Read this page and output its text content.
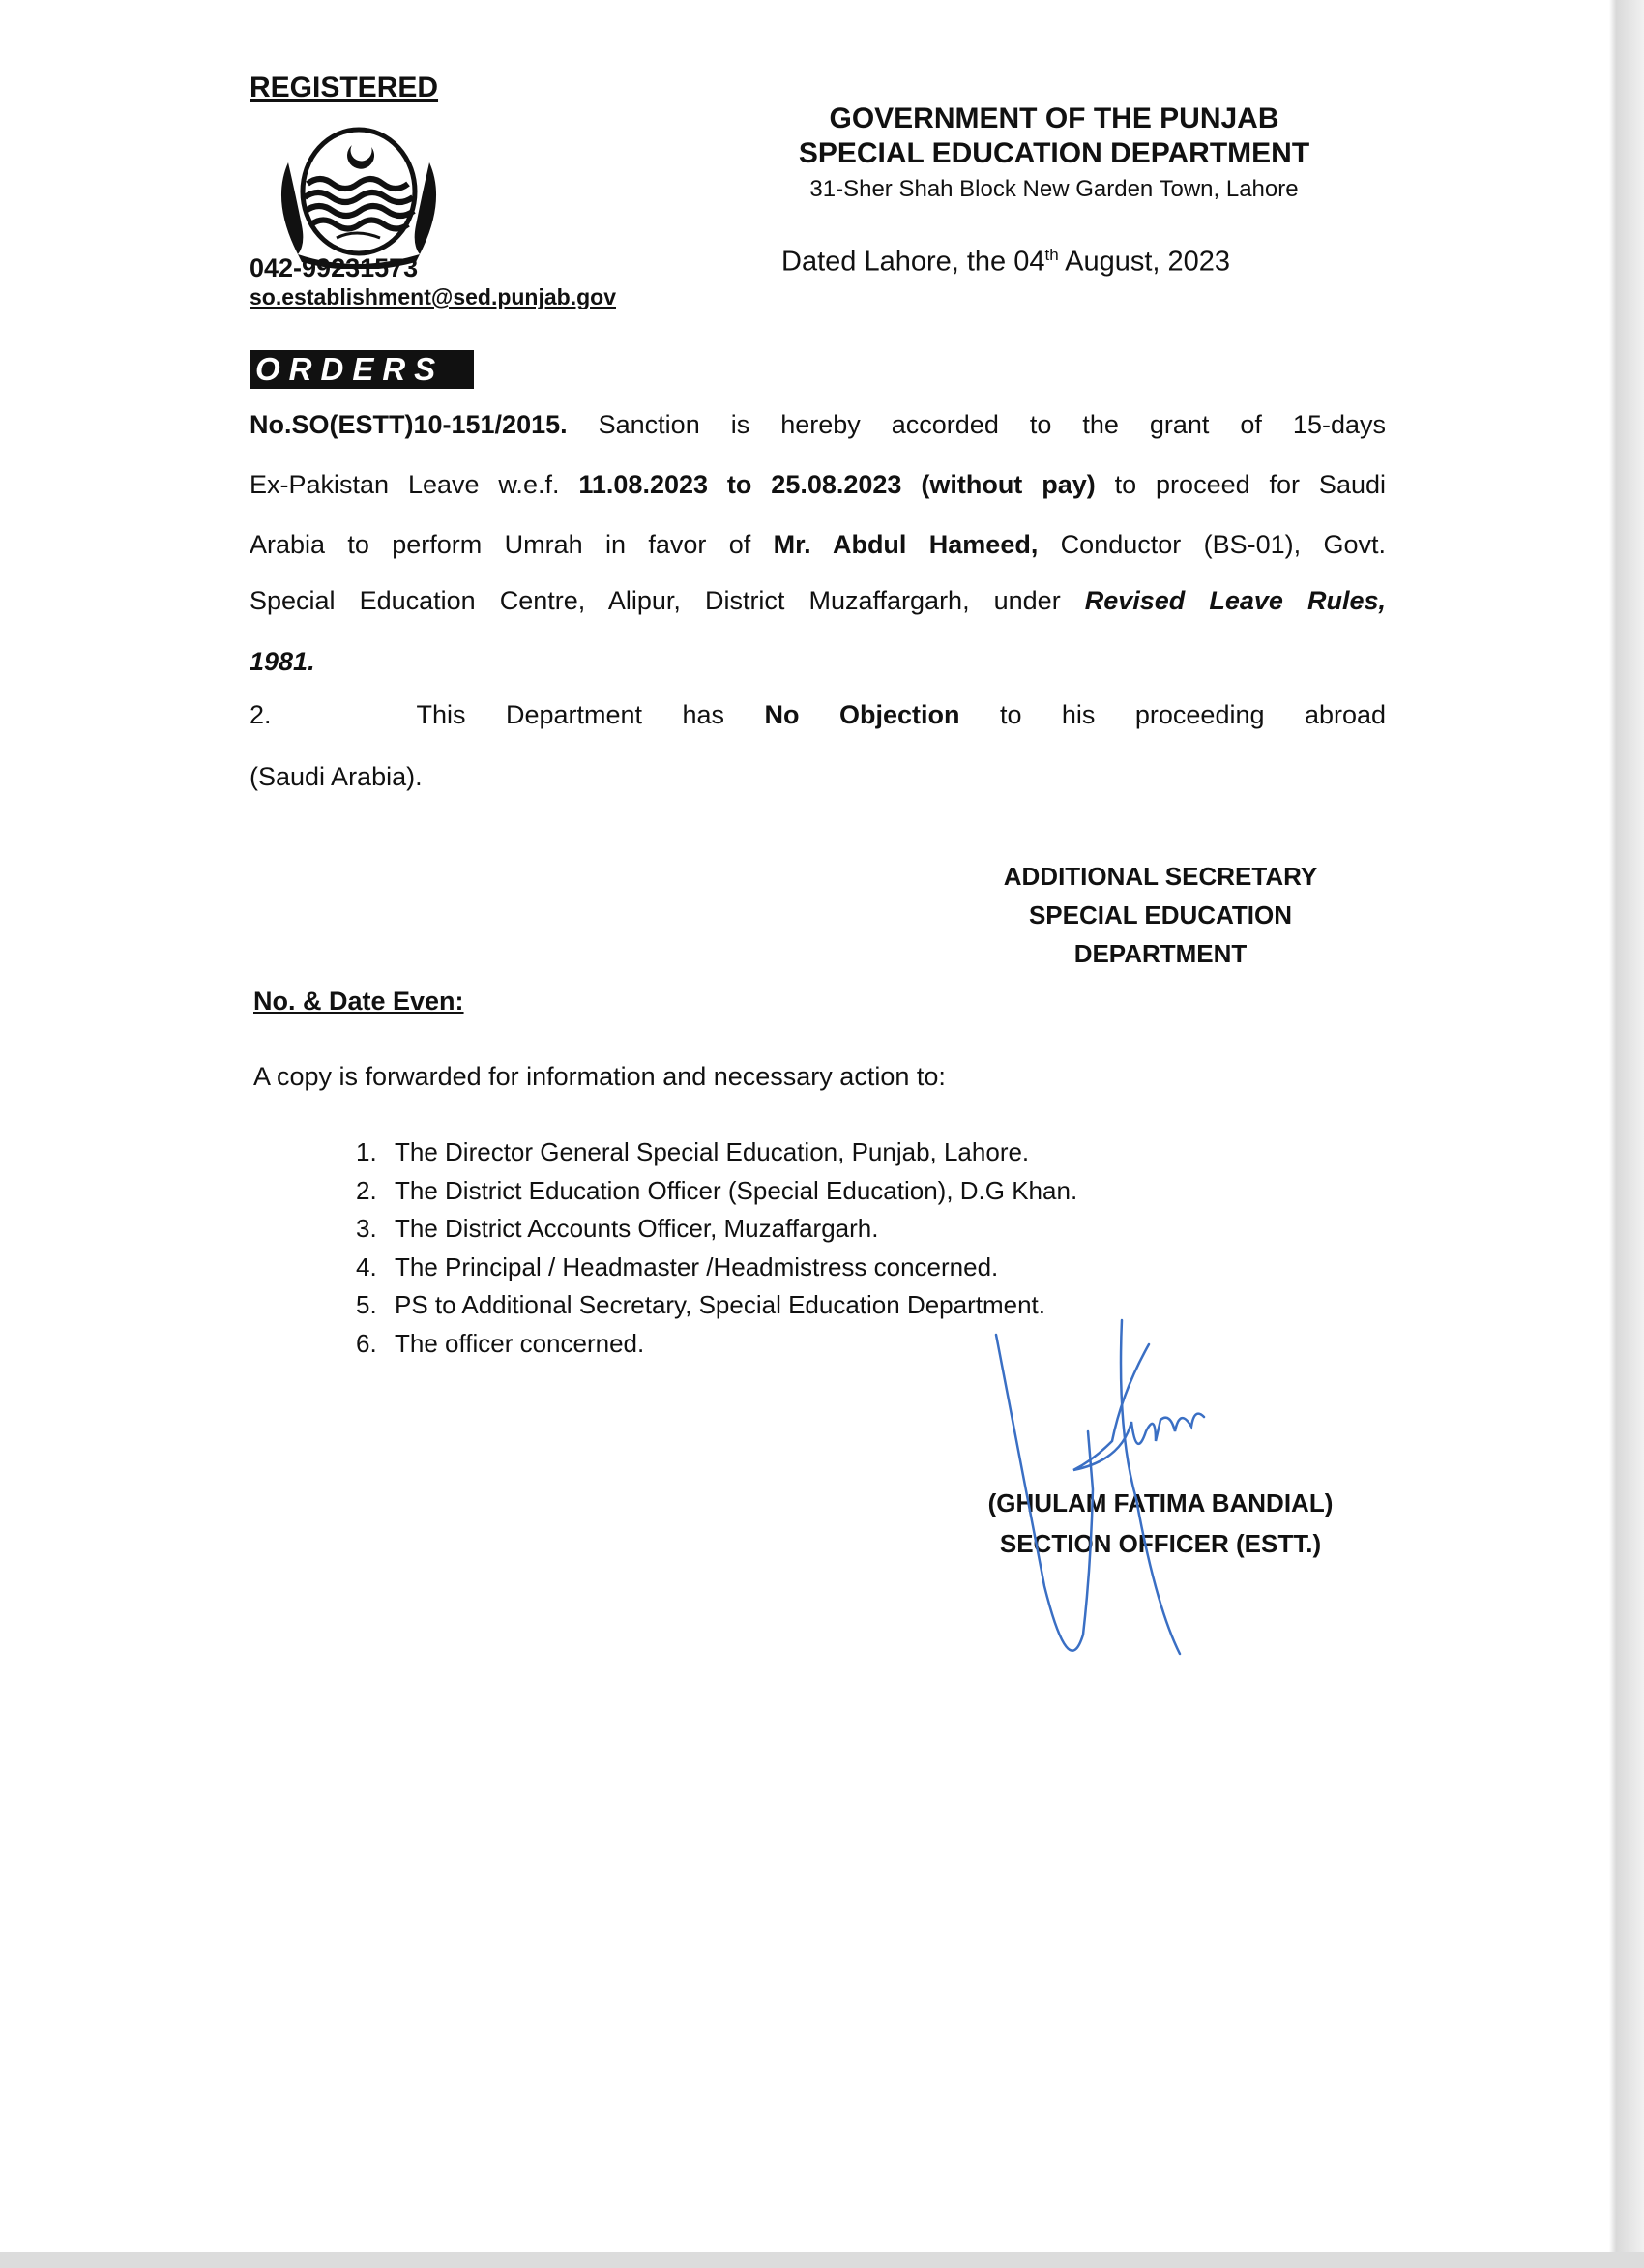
REGISTERED
042-99231573
so.establishment@sed.punjab.gov
GOVERNMENT OF THE PUNJAB
SPECIAL EDUCATION DEPARTMENT
31-Sher Shah Block New Garden Town, Lahore
Dated Lahore, the 04th August, 2023
ORDERS
No.SO(ESTT)10-151/2015. Sanction is hereby accorded to the grant of 15-days
Ex-Pakistan Leave w.e.f. 11.08.2023 to 25.08.2023 (without pay) to proceed for Saudi
Arabia to perform Umrah in favor of Mr. Abdul Hameed, Conductor (BS-01), Govt.
Special Education Centre, Alipur, District Muzaffargarh, under Revised Leave Rules,
1981.
2.	This Department has No Objection to his proceeding abroad
(Saudi Arabia).
ADDITIONAL SECRETARY
SPECIAL EDUCATION
DEPARTMENT
No. & Date Even:
A copy is forwarded for information and necessary action to:
1. The Director General Special Education, Punjab, Lahore.
2. The District Education Officer (Special Education), D.G Khan.
3. The District Accounts Officer, Muzaffargarh.
4. The Principal / Headmaster /Headmistress concerned.
5. PS to Additional Secretary, Special Education Department.
6. The officer concerned.
(GHULAM FATIMA BANDIAL)
SECTION OFFICER (ESTT.)
